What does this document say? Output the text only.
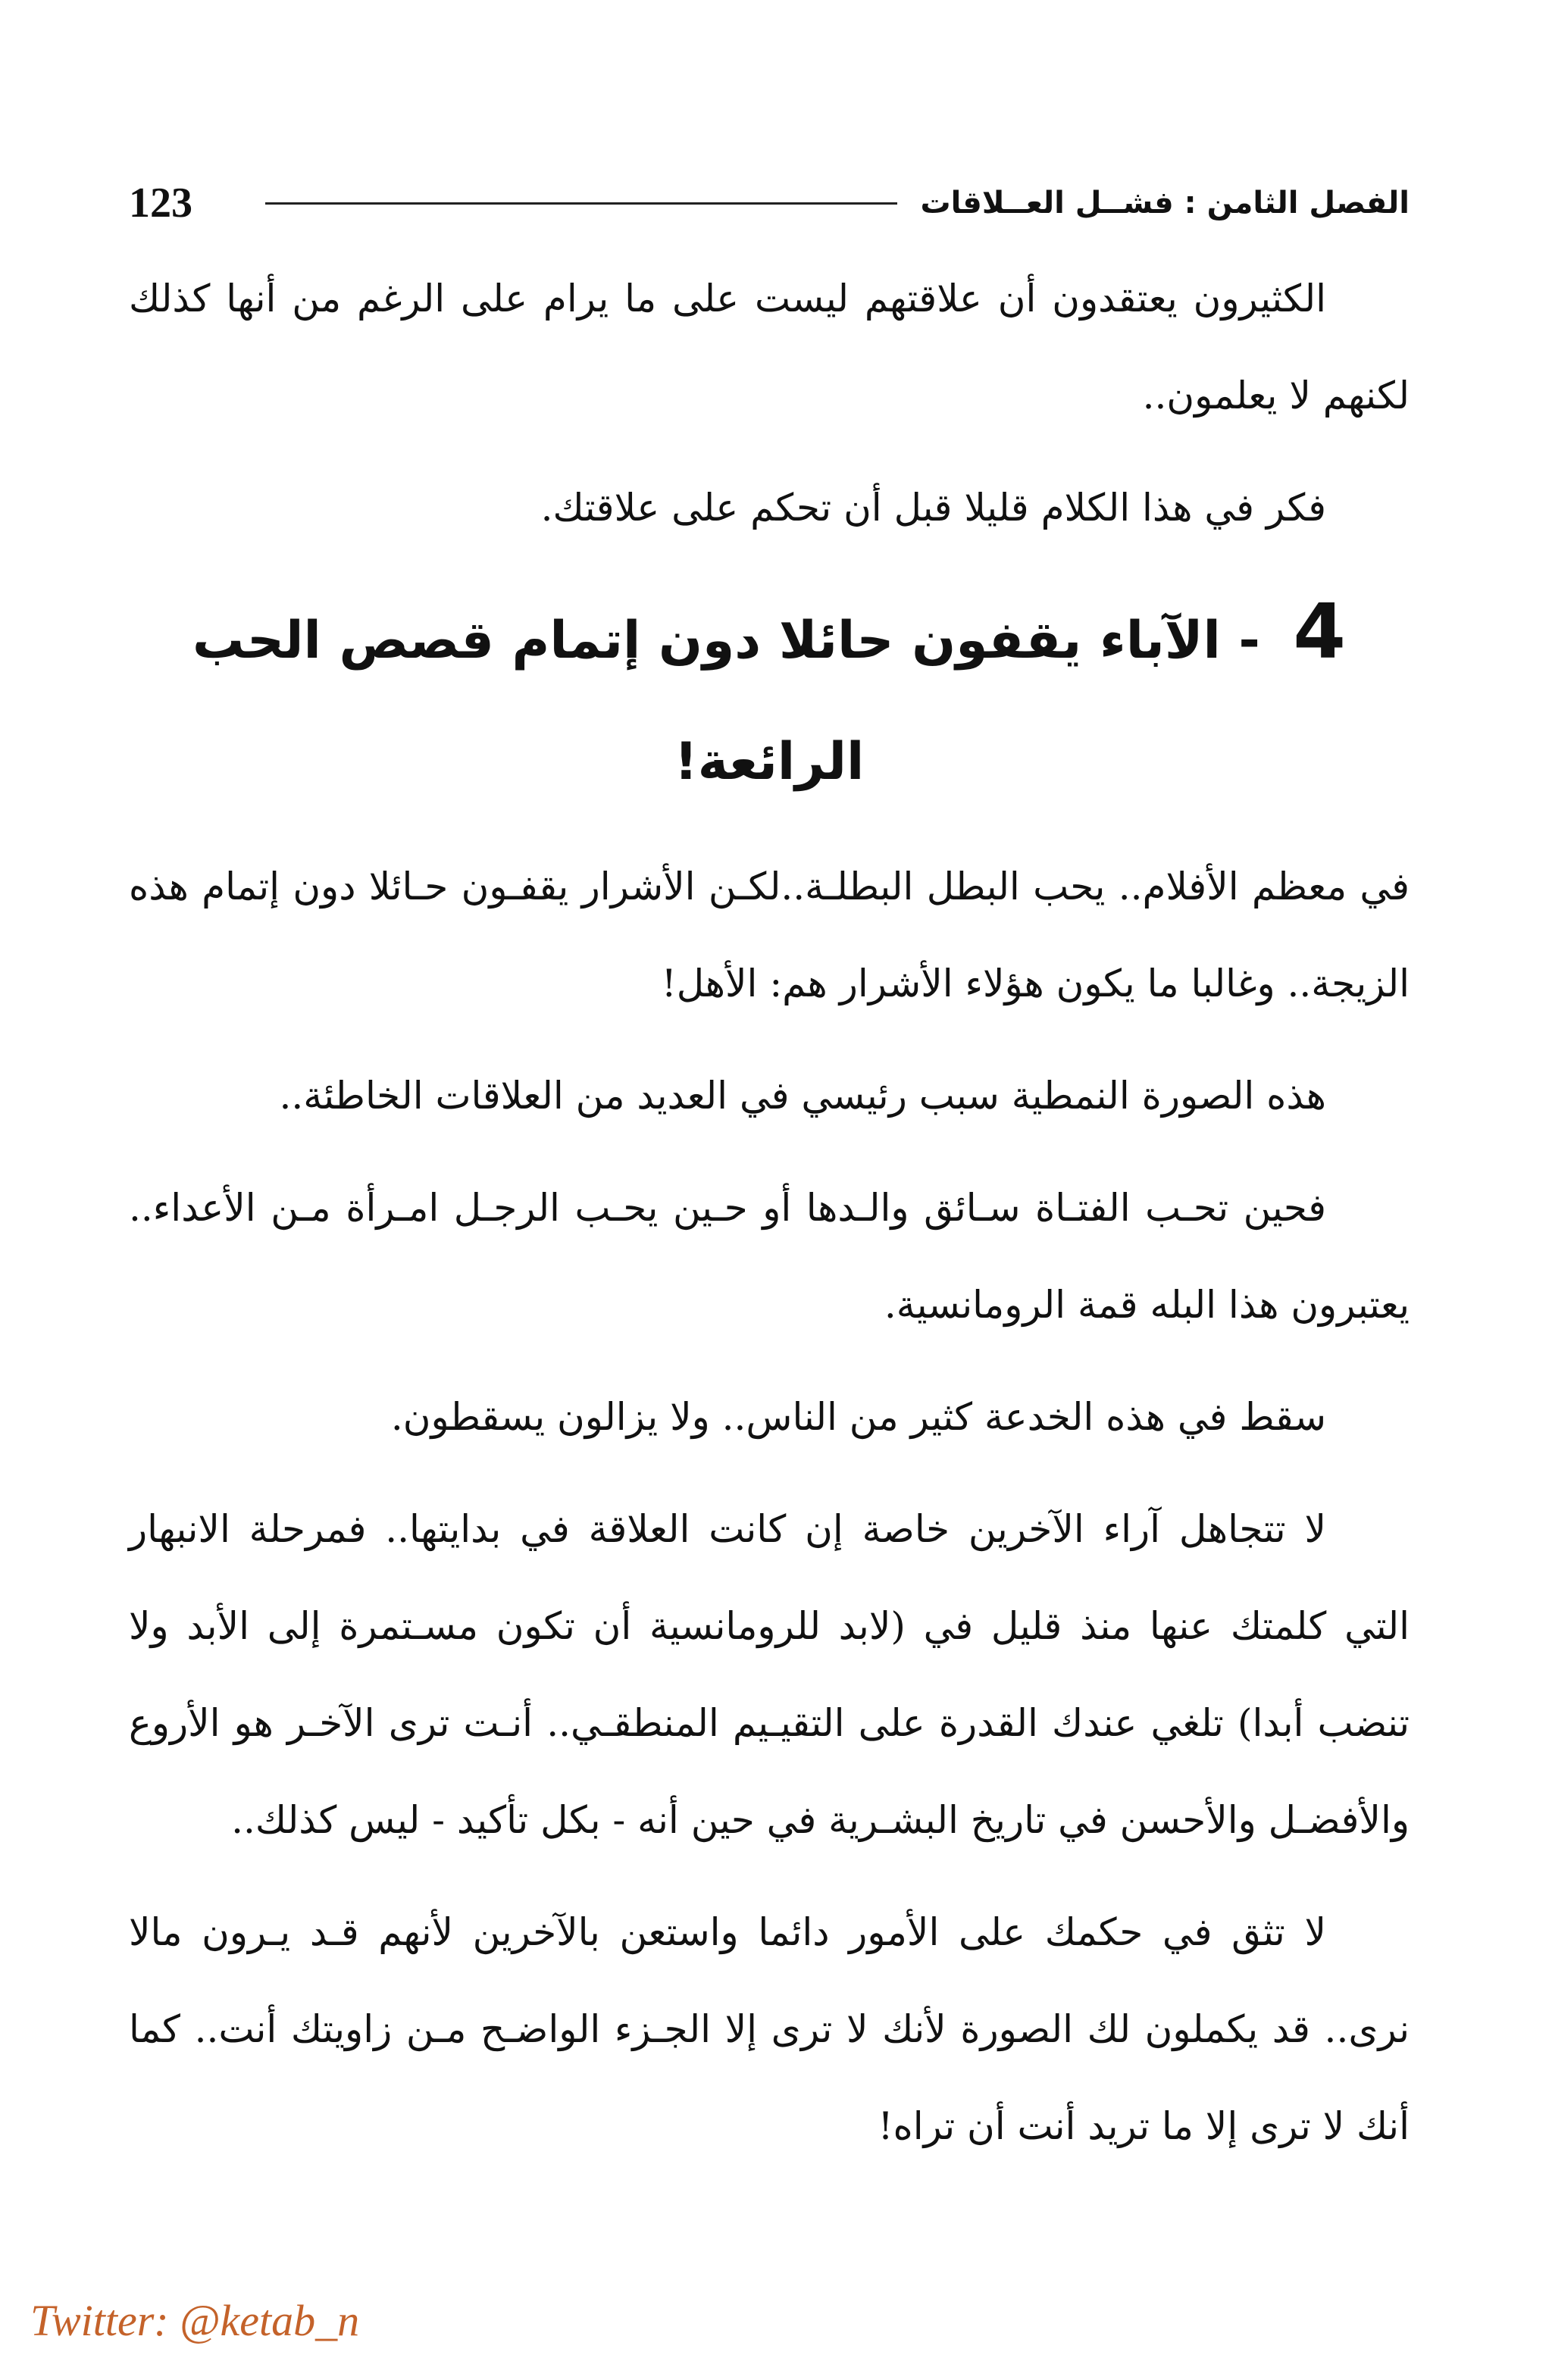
123	الفصل الثامن : فشــل العــلاقات

الكثيرون يعتقدون أن علاقتهم ليست على ما يرام على الرغم من أنها كذلك لكنهم لا يعلمون..

فكر في هذا الكلام قليلا قبل أن تحكم على علاقتك.

4 - الآباء يقفون حائلا دون إتمام قصص الحب الرائعة!

في معظم الأفلام.. يحب البطل البطلـة..لكـن الأشرار يقفـون حـائلا دون إتمام هذه الزيجة.. وغالبا ما يكون هؤلاء الأشرار هم: الأهل!

هذه الصورة النمطية سبب رئيسي في العديد من العلاقات الخاطئة..

فحين تحـب الفتـاة سـائق والـدها أو حـين يحـب الرجـل امـرأة مـن الأعداء.. يعتبرون هذا البله قمة الرومانسية.

سقط في هذه الخدعة كثير من الناس.. ولا يزالون يسقطون.

لا تتجاهل آراء الآخرين خاصة إن كانت العلاقة في بدايتها.. فمرحلة الانبهار التي كلمتك عنها منذ قليل في (لابد للرومانسية أن تكون مسـتمرة إلى الأبد ولا تنضب أبدا) تلغي عندك القدرة على التقيـيم المنطقـي.. أنـت ترى الآخـر هو الأروع والأفضـل والأحسن في تاريخ البشـرية في حين أنه - بكل تأكيد - ليس كذلك..

لا تثق في حكمك على الأمور دائما واستعن بالآخرين لأنهم قـد يـرون مالا نرى.. قد يكملون لك الصورة لأنك لا ترى إلا الجـزء الواضـح مـن زاويتك أنت.. كما أنك لا ترى إلا ما تريد أنت أن تراه!

Twitter: @ketab_n
